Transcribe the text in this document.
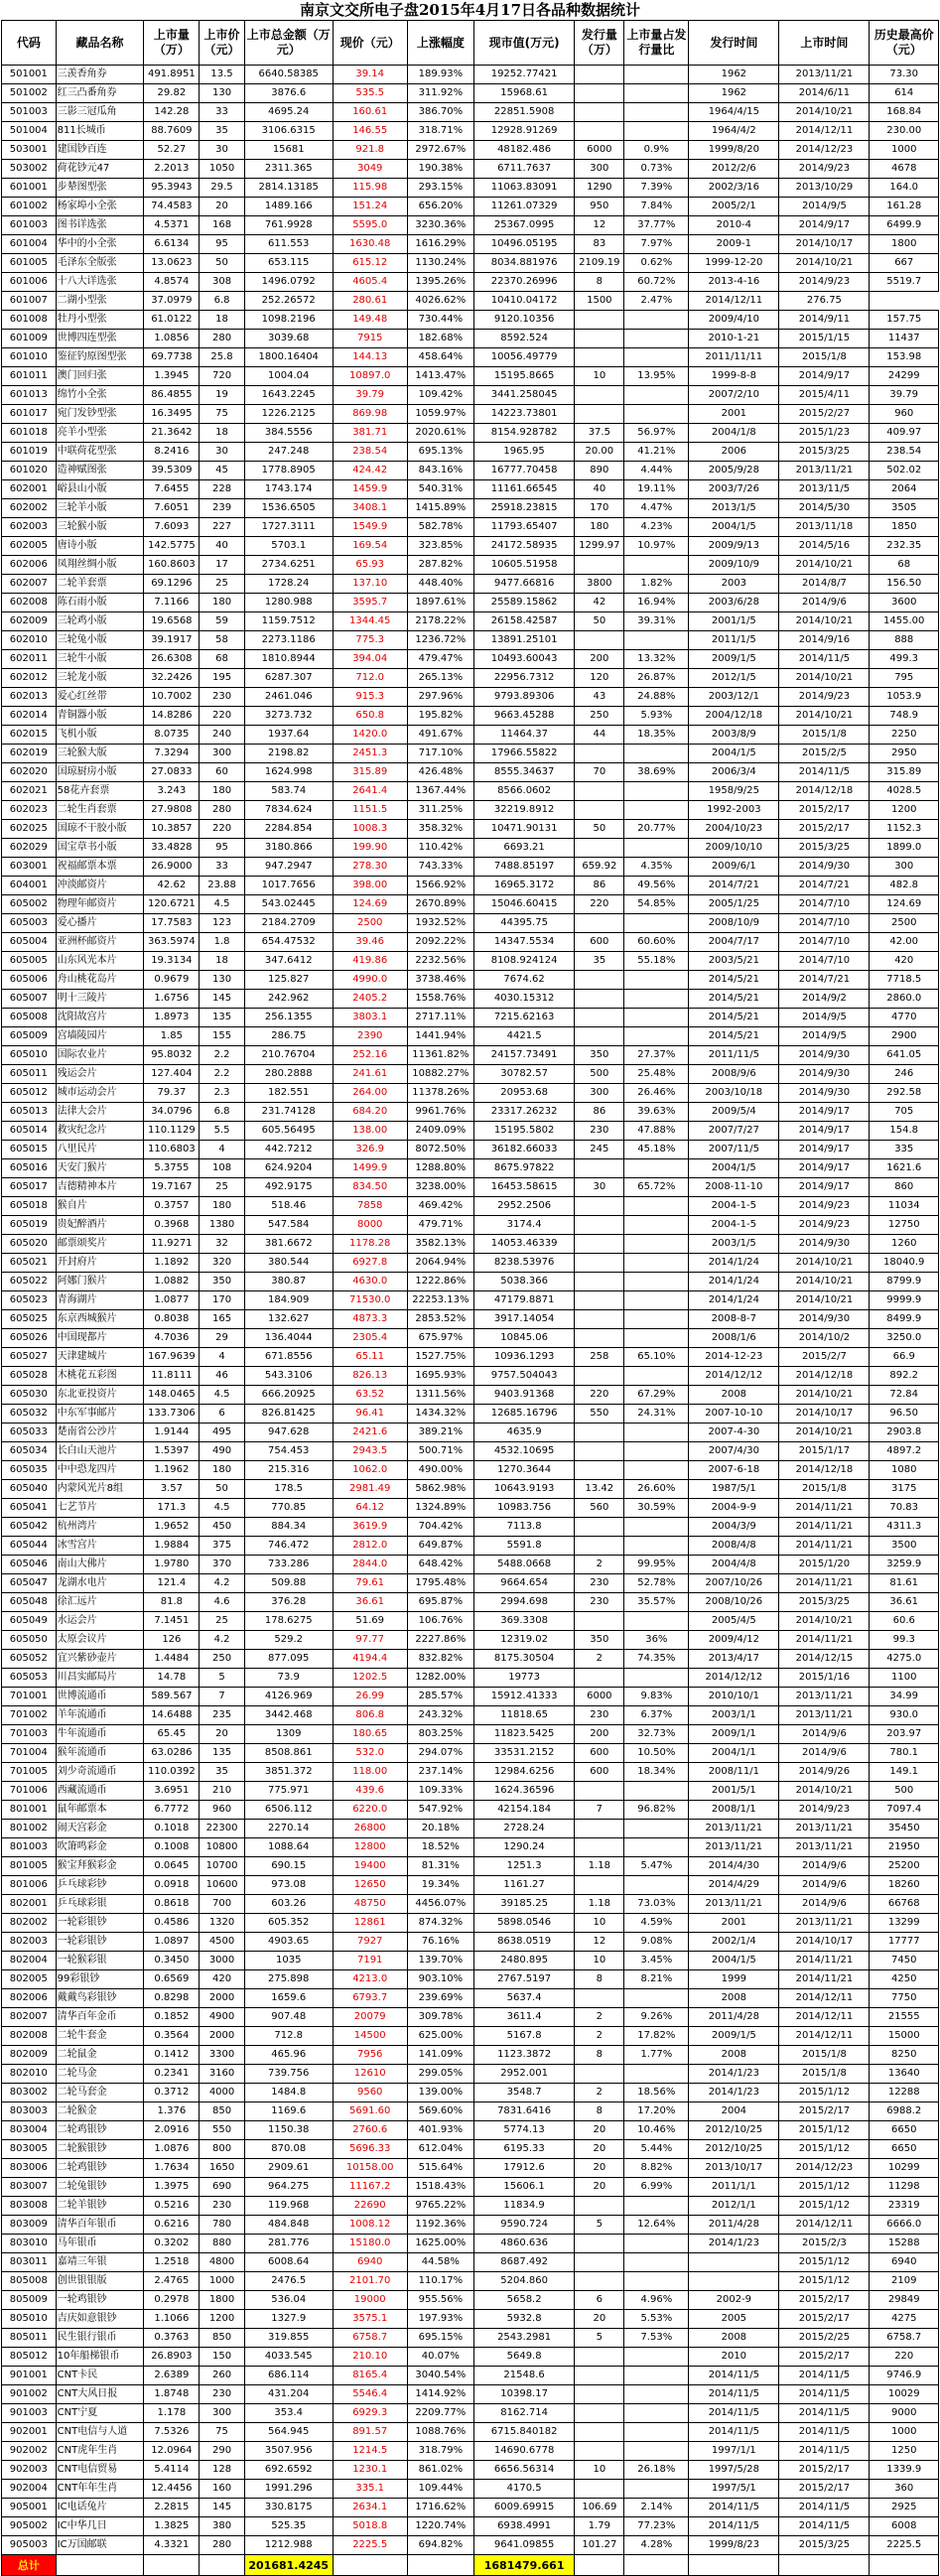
南京文交所电子盘2015年4月17日各品种数据统计
代码	藏品名称	上市量（万）	上市价（元）	上市总金额（万元）	现价（元）	上涨幅度	现市值(万元)	发行量（万）	上市量占发行量比	发行时间	上市时间	历史最高价（元）
501001	三羡香角券	491.8951	13.5	6640.58385	39.14	189.93%	19252.77421			1962	2013/11/21	73.30
501002	红三凸番角券	29.82	130	3876.6	535.5	311.92%	15968.61			1962	2014/6/11	614
501003	三影三冠瓜角	142.28	33	4695.24	160.61	386.70%	22851.5908			1964/4/15	2014/10/21	168.84
501004	811长城币	88.7609	35	3106.6315	146.55	318.71%	12928.91269			1964/4/2	2014/12/11	230.00
503001	建国钞百连	52.27	30	15681	921.8	2972.67%	48182.486	6000	0.9%	1999/8/20	2014/12/23	1000
503002	荷花钞元47	2.2013	1050	2311.365	3049	190.38%	6711.7637	300	0.73%	2012/2/6	2014/9/23	4678
601001	步辇图型张	95.3943	29.5	2814.13185	115.98	293.15%	11063.83091	1290	7.39%	2002/3/16	2013/10/29	164.0
601002	杨家埠小全张	74.4583	20	1489.166	151.24	656.20%	11261.07329	950	7.84%	2005/2/1	2014/9/5	161.28
601003	图书详选张	4.5371	168	761.9928	5595.0	3230.36%	25367.0995	12	37.77%	2010-4	2014/9/17	6499.9
601004	华中的小全张	6.6134	95	611.553	1630.48	1616.29%	10496.05195	83	7.97%	2009-1	2014/10/17	1800
601005	毛泽东全版张	13.0623	50	653.115	615.12	1130.24%	8034.881976	2109.19	0.62%	1999-12-20	2014/10/21	667
601006	十八大详选张	4.8574	308	1496.0792	4605.4	1395.26%	22370.26996	8	60.72%	2013-4-16	2014/9/23	5519.7
601007	二湖小型张	37.0979	6.8	252.26572	280.61	4026.62%	10410.04172	1500	2.47%	2014/12/11	276.75	
601008	牡丹小型张	61.0122	18	1098.2196	149.48	730.44%	9120.10356			2009/4/10	2014/9/11	157.75
601009	世博四连型张	1.0856	280	3039.68	7915	182.68%	8592.524			2010-1-21	2015/1/15	11437
601010	鉴征钓原图型张	69.7738	25.8	1800.16404	144.13	458.64%	10056.49779			2011/11/11	2015/1/8	153.98
601011	澳门回归张	1.3945	720	1004.04	10897.0	1413.47%	15195.8665	10	13.95%	1999-8-8	2014/9/17	24299
601013	绵竹小全张	86.4855	19	1643.2245	39.79	109.42%	3441.258045			2007/2/10	2015/4/11	39.79
601017	宛门发钞型张	16.3495	75	1226.2125	869.98	1059.97%	14223.73801			2001	2015/2/27	960
601018	亮羊小型张	21.3642	18	384.5556	381.71	2020.61%	8154.928782	37.5	56.97%	2004/1/8	2015/1/23	409.97
601019	中联荷花型张	8.2416	30	247.248	238.54	695.13%	1965.95	20.00	41.21%	2006	2015/3/25	238.54
601020	造神赋图张	39.5309	45	1778.8905	424.42	843.16%	16777.70458	890	4.44%	2005/9/28	2013/11/21	502.02
602001	峪县山小版	7.6455	228	1743.174	1459.9	540.31%	11161.66545	40	19.11%	2003/7/26	2013/11/5	2064
602002	三轮羊小版	7.6051	239	1536.6505	3408.1	1415.89%	25918.23815	170	4.47%	2013/1/5	2014/5/30	3505
602003	三轮猴小版	7.6093	227	1727.3111	1549.9	582.78%	11793.65407	180	4.23%	2004/1/5	2013/11/18	1850
602005	唐诗小版	142.5775	40	5703.1	169.54	323.85%	24172.58935	1299.97	10.97%	2009/9/13	2014/5/16	232.35
602006	凤翔丝绸小版	160.8603	17	2734.6251	65.93	287.82%	10605.51958			2009/10/9	2014/10/21	68
602007	二轮羊套票	69.1296	25	1728.24	137.10	448.40%	9477.66816	3800	1.82%	2003	2014/8/7	156.50
602008	陈石雨小版	7.1166	180	1280.988	3595.7	1897.61%	25589.15862	42	16.94%	2003/6/28	2014/9/6	3600
602009	三轮鸡小版	19.6568	59	1159.7512	1344.45	2178.22%	26158.42587	50	39.31%	2001/1/5	2014/10/21	1455.00
602010	三轮兔小版	39.1917	58	2273.1186	775.3	1236.72%	13891.25101			2011/1/5	2014/9/16	888
602011	三轮牛小版	26.6308	68	1810.8944	394.04	479.47%	10493.60043	200	13.32%	2009/1/5	2014/11/5	499.3
602012	三轮龙小版	32.2426	195	6287.307	712.0	265.13%	22956.7312	120	26.87%	2012/1/5	2014/10/21	795
602013	爱心红丝带	10.7002	230	2461.046	915.3	297.96%	9793.89306	43	24.88%	2003/12/1	2014/9/23	1053.9
602014	青铜器小版	14.8286	220	3273.732	650.8	195.82%	9663.45288	250	5.93%	2004/12/18	2014/10/21	748.9
602015	飞机小版	8.0735	240	1937.64	1420.0	491.67%	11464.37	44	18.35%	2003/8/9	2015/1/8	2250
602019	三轮猴大版	7.3294	300	2198.82	2451.3	717.10%	17966.55822			2004/1/5	2015/2/5	2950
602020	国琼厨房小版	27.0833	60	1624.998	315.89	426.48%	8555.34637	70	38.69%	2006/3/4	2014/11/5	315.89
602021	58花卉套票	3.243	180	583.74	2641.4	1367.44%	8566.0602			1958/9/25	2014/12/18	4028.5
602023	二轮生肖套票	27.9808	280	7834.624	1151.5	311.25%	32219.8912			1992-2003	2015/2/17	1200
602025	国琼不干胶小版	10.3857	220	2284.854	1008.3	358.32%	10471.90131	50	20.77%	2004/10/23	2015/2/17	1152.3
602029	国宝草书小版	33.4828	95	3180.866	199.90	110.42%	6693.21			2009/10/10	2015/3/25	1899.0
603001	祝福邮票本票	26.9000	33	947.2947	278.30	743.33%	7488.85197	659.92	4.35%	2009/6/1	2014/9/30	300
604001	冲淡邮资片	42.62	23.88	1017.7656	398.00	1566.92%	16965.3172	86	49.56%	2014/7/21	2014/7/21	482.8
605002	物理年邮资片	120.6721	4.5	543.02445	124.69	2670.89%	15046.60415	220	54.85%	2005/1/25	2014/7/10	124.69
605003	爱心播片	17.7583	123	2184.2709	2500	1932.52%	44395.75			2008/10/9	2014/7/10	2500
605004	亚洲杯邮资片	363.5974	1.8	654.47532	39.46	2092.22%	14347.5534	600	60.60%	2004/7/17	2014/7/10	42.00
605005	山东风光本片	19.3134	18	347.6412	419.86	2232.56%	8108.924124	35	55.18%	2003/5/21	2014/7/10	420
605006	舟山桃花岛片	0.9679	130	125.827	4990.0	3738.46%	7674.62			2014/5/21	2014/7/21	7718.5
605007	明十三陵片	1.6756	145	242.962	2405.2	1558.76%	4030.15312			2014/5/21	2014/9/2	2860.0
605008	沈阳故宫片	1.8973	135	256.1355	3803.1	2717.11%	7215.62163			2014/5/21	2014/9/5	4770
605009	宫墙陵园片	1.85	155	286.75	2390	1441.94%	4421.5			2014/5/21	2014/9/5	2900
605010	国际农业片	95.8032	2.2	210.76704	252.16	11361.82%	24157.73491	350	27.37%	2011/11/5	2014/9/30	641.05
605011	残运会片	127.404	2.2	280.2888	241.61	10882.27%	30782.57	500	25.48%	2008/9/6	2014/9/30	246
605012	城市运动会片	79.37	2.3	182.551	264.00	11378.26%	20953.68	300	26.46%	2003/10/18	2014/9/30	292.58
605013	法律大会片	34.0796	6.8	231.74128	684.20	9961.76%	23317.26232	86	39.63%	2009/5/4	2014/9/17	705
605014	救灾纪念片	110.1129	5.5	605.56495	138.00	2409.09%	15195.5802	230	47.88%	2007/7/27	2014/9/17	154.8
605015	八里民片	110.6803	4	442.7212	326.9	8072.50%	36182.66033	245	45.18%	2007/11/5	2014/9/17	335
605016	天安门猴片	5.3755	108	624.9204	1499.9	1288.80%	8675.97822			2004/1/5	2014/9/17	1621.6
605017	吉德精神本片	19.7167	25	492.9175	834.50	3238.00%	16453.58615	30	65.72%	2008-11-10	2014/9/17	860
605018	猴自片	0.3757	180	518.46	7858	469.42%	2952.2506			2004-1-5	2014/9/23	11034
605019	贵妃醉酒片	0.3968	1380	547.584	8000	479.71%	3174.4			2004-1-5	2014/9/23	12750
605020	邮票颂奖片	11.9271	32	381.6672	1178.28	3582.13%	14053.46339			2003/1/5	2014/9/30	1260
605021	开封府片	1.1892	320	380.544	6927.8	2064.94%	8238.53976			2014/1/24	2014/10/21	18040.9
605022	阿娜门猴片	1.0882	350	380.87	4630.0	1222.86%	5038.366			2014/1/24	2014/10/21	8799.9
605023	青海湖片	1.0877	170	184.909	71530.0	22253.13%	47179.8871			2014/1/24	2014/10/21	9999.9
605025	东京西城猴片	0.8038	165	132.627	4873.3	2853.52%	3917.14054			2008-8-7	2014/9/30	8499.9
605026	中国现都片	4.7036	29	136.4044	2305.4	675.97%	10845.06			2008/1/6	2014/10/2	3250.0
605027	天津建城片	167.9639	4	671.8556	65.11	1527.75%	10936.1293	258	65.10%	2014-12-23	2015/2/7	66.9
605028	木桃花五彩图	11.8111	46	543.3106	826.13	1695.93%	9757.504043			2014/12/12	2014/12/18	892.2
605030	东北亚投资片	148.0465	4.5	666.20925	63.52	1311.56%	9403.91368	220	67.29%	2008	2014/10/21	72.84
605032	中东军事邮片	133.7306	6	826.81425	96.41	1434.32%	12685.16796	550	24.31%	2007-10-10	2014/10/17	96.50
605033	楚南省公沙片	1.9144	495	947.628	2421.6	389.21%	4635.9			2007-4-30	2014/10/21	2903.8
605034	长白山天池片	1.5397	490	754.453	2943.5	500.71%	4532.10695			2007/4/30	2015/1/17	4897.2
605035	中中恐龙四片	1.1962	180	215.316	1062.0	490.00%	1270.3644			2007-6-18	2014/12/18	1080
605040	内蒙风光片8组	3.57	50	178.5	2981.49	5862.98%	10643.9193	13.42	26.60%	1987/5/1	2015/1/8	3175
605041	七艺节片	171.3	4.5	770.85	64.12	1324.89%	10983.756	560	30.59%	2004-9-9	2014/11/21	70.83
605042	杭州湾片	1.9652	450	884.34	3619.9	704.42%	7113.8			2004/3/9	2014/11/21	4311.3
605044	冰雪宫片	1.9884	375	746.472	2812.0	649.87%	5591.8			2008/4/8	2014/11/21	3500
605046	南山大佛片	1.9780	370	733.286	2844.0	648.42%	5488.0668	2	99.95%	2004/4/8	2015/1/20	3259.9
605047	龙湖水电片	121.4	4.2	509.88	79.61	1795.48%	9664.654	230	52.78%	2007/10/26	2014/11/21	81.61
605048	徐汇远片	81.8	4.6	376.28	36.61	695.87%	2994.698	230	35.57%	2008/10/26	2015/3/25	36.61
605049	水运会片	7.1451	25	178.6275	51.69	106.76%	369.3308			2005/4/5	2014/10/21	60.6
605050	太原会议片	126	4.2	529.2	97.77	2227.86%	12319.02	350	36%	2009/4/12	2014/11/21	99.3
605052	宜兴紫砂壶片	1.4484	250	877.095	4194.4	832.82%	8175.30504	2	74.35%	2013/4/17	2014/12/15	4275.0
605053	川昌实邮局片	14.78	5	73.9	1202.5	1282.00%	19773			2014/12/12	2015/1/16	1100
701001	世博流通币	589.567	7	4126.969	26.99	285.57%	15912.41333	6000	9.83%	2010/10/1	2013/11/21	34.99
701002	羊年流通币	14.6488	235	3442.468	806.8	243.32%	11818.65	230	6.37%	2003/1/1	2013/11/21	930.0
701003	牛年流通币	65.45	20	1309	180.65	803.25%	11823.5425	200	32.73%	2009/1/1	2014/9/6	203.97
701004	猴年流通币	63.0286	135	8508.861	532.0	294.07%	33531.2152	600	10.50%	2004/1/1	2014/9/6	780.1
701005	刘少奇流通币	110.0392	35	3851.372	118.00	237.14%	12984.6256	600	18.34%	2008/11/1	2014/9/26	149.1
701006	西藏流通币	3.6951	210	775.971	439.6	109.33%	1624.36596			2001/5/1	2014/10/21	500
801001	鼠年邮票本	6.7772	960	6506.112	6220.0	547.92%	42154.184	7	96.82%	2008/1/1	2014/9/23	7097.4
801002	闹天宫彩金	0.1018	22300	2270.14	26800	20.18%	2728.24			2013/11/21	2013/11/21	35450
801003	吹箫鸣彩金	0.1008	10800	1088.64	12800	18.52%	1290.24			2013/11/21	2013/11/21	21950
801005	猴宝拜猴彩金	0.0645	10700	690.15	19400	81.31%	1251.3	1.18	5.47%	2014/4/30	2014/9/6	25200
801006	乒乓球彩钞	0.0918	10600	973.08	12650	19.34%	1161.27			2014/4/29	2014/9/6	18260
802001	乒乓球彩银	0.8618	700	603.26	48750	4456.07%	39185.25	1.18	73.03%	2013/11/21	2014/9/6	66768
802002	一轮彩银钞	0.4586	1320	605.352	12861	874.32%	5898.0546	10	4.59%	2001	2013/11/21	13299
802003	一轮彩银钞	1.0897	4500	4903.65	7927	76.16%	8638.0519	12	9.08%	2002/1/4	2014/10/17	17777
802004	一轮猴彩银	0.3450	3000	1035	7191	139.70%	2480.895	10	3.45%	2004/1/5	2014/11/21	7450
802005	99彩银钞	0.6569	420	275.898	4213.0	903.10%	2767.5197	8	8.21%	1999	2014/11/21	4250
802006	戴戴鸟彩银钞	0.8298	2000	1659.6	6793.7	239.69%	5637.4			2008	2014/12/11	7750
802007	清华百年金币	0.1852	4900	907.48	20079	309.78%	3611.4	2	9.26%	2011/4/28	2014/12/11	21555
802008	二轮牛套金	0.3564	2000	712.8	14500	625.00%	5167.8	2	17.82%	2009/1/5	2014/12/11	15000
802009	二轮鼠金	0.1412	3300	465.96	7956	141.09%	1123.3872	8	1.77%	2008	2015/1/8	8250
802010	二轮马金	0.2341	3160	739.756	12610	299.05%	2952.001			2014/1/23	2015/1/8	13640
803002	二轮马套金	0.3712	4000	1484.8	9560	139.00%	3548.7	2	18.56%	2014/1/23	2015/1/12	12288
803003	二轮猴金	1.376	850	1169.6	5691.60	569.60%	7831.6416	8	17.20%	2004	2015/2/17	6988.2
803004	二轮鸡银钞	2.0916	550	1150.38	2760.6	401.93%	5774.13	20	10.46%	2012/10/25	2015/1/12	6650
803005	二轮猴银钞	1.0876	800	870.08	5696.33	612.04%	6195.33	20	5.44%	2012/10/25	2015/1/12	6650
803006	二轮鸡银钞	1.7634	1650	2909.61	10158.00	515.64%	17912.6	20	8.82%	2013/10/17	2014/12/23	10299
803007	二轮兔银钞	1.3975	690	964.275	11167.2	1518.43%	15606.1	20	6.99%	2011/1/1	2015/1/12	11298
803008	二轮羊银钞	0.5216	230	119.968	22690	9765.22%	11834.9			2012/1/1	2015/1/12	23319
803009	清华百年银币	0.6216	780	484.848	1008.12	1192.36%	9590.724	5	12.64%	2011/4/28	2014/12/11	6666.0
803010	马年银币	0.3202	880	281.776	15180.0	1625.00%	4860.636			2014/1/23	2015/2/3	15288
803011	嘉靖三年银	1.2518	4800	6008.64	6940	44.58%	8687.492				2015/1/12	6940
805008	创世银银版	2.4765	1000	2476.5	2101.70	110.17%	5204.860				2015/1/12	2109
805009	一轮鸡银钞	0.2978	1800	536.04	19000	955.56%	5658.2	6	4.96%	2002-9	2015/2/17	29849
805010	吉庆如意银钞	1.1066	1200	1327.9	3575.1	197.93%	5932.8	20	5.53%	2005	2015/2/17	4275
805011	民生银行银币	0.3763	850	319.855	6758.7	695.15%	2543.2981	5	7.53%	2008	2015/2/25	6758.7
805012	10年船梯银币	26.8903	150	4033.545	210.10	40.07%	5649.8			2010	2015/2/17	220
901001	CNT卡民	2.6389	260	686.114	8165.4	3040.54%	21548.6			2014/11/5	2014/11/5	9746.9
901002	CNT大风日报	1.8748	230	431.204	5546.4	1414.92%	10398.17			2014/11/5	2014/11/5	10029
901003	CNT宁夏	1.178	300	353.4	6929.3	2209.77%	8162.714			2014/11/5	2014/11/5	9000
902001	CNT电信与人道	7.5326	75	564.945	891.57	1088.76%	6715.840182			2014/11/5	2014/11/5	1000
902002	CNT虎年生肖	12.0964	290	3507.956	1214.5	318.79%	14690.6778			1997/1/1	2014/11/5	1250
902003	CNT电信贸易	5.4114	128	692.6592	1230.1	861.02%	6656.56314	10	26.18%	1997/5/28	2015/2/17	1339.9
902004	CNT年年生肖	12.4456	160	1991.296	335.1	109.44%	4170.5			1997/5/1	2015/2/17	360
905001	IC电话兔片	2.2815	145	330.8175	2634.1	1716.62%	6009.69915	106.69	2.14%	2014/11/5	2014/11/5	2925
905002	IC中华几日	1.3825	380	525.35	5018.8	1220.74%	6938.4991	1.79	77.23%	2014/11/5	2014/11/5	6008
905003	IC万国邮联	4.3321	280	1212.988	2225.5	694.82%	9641.09855	101.27	4.28%	1999/8/23	2015/3/25	2225.5
总计				201681.4245			1681479.661					
